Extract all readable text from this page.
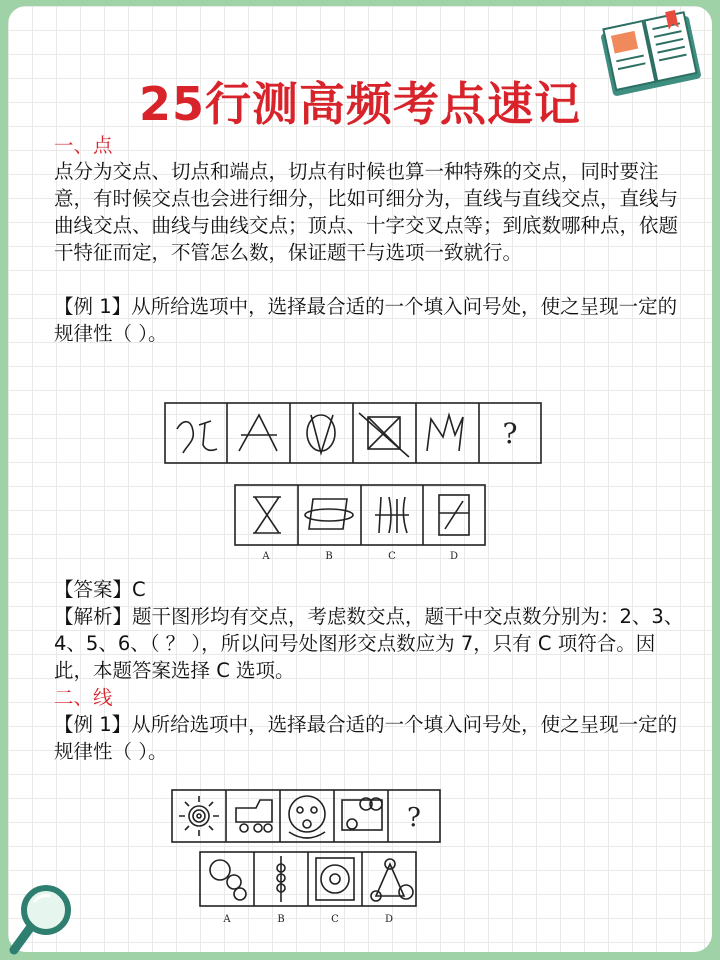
25行测高频考点速记
一、点
点分为交点、切点和端点，切点有时候也算一种特殊的交点，同时要注意，有时候交点也会进行细分，比如可细分为，直线与直线交点，直线与曲线交点、曲线与曲线交点；顶点、十字交叉点等；到底数哪种点，依题干特征而定，不管怎么数，保证题干与选项一致就行。
【例 1】从所给选项中，选择最合适的一个填入问号处，使之呈现一定的规律性（ ）。
?
A	B	C	D
【答案】C
【解析】题干图形均有交点，考虑数交点，题干中交点数分别为：2、3、4、5、6、（ ？ ），所以问号处图形交点数应为 7，只有 C 项符合。因此，本题答案选择 C 选项。
二、线
【例 1】从所给选项中，选择最合适的一个填入问号处，使之呈现一定的规律性（ ）。
?
A	B	C	D
